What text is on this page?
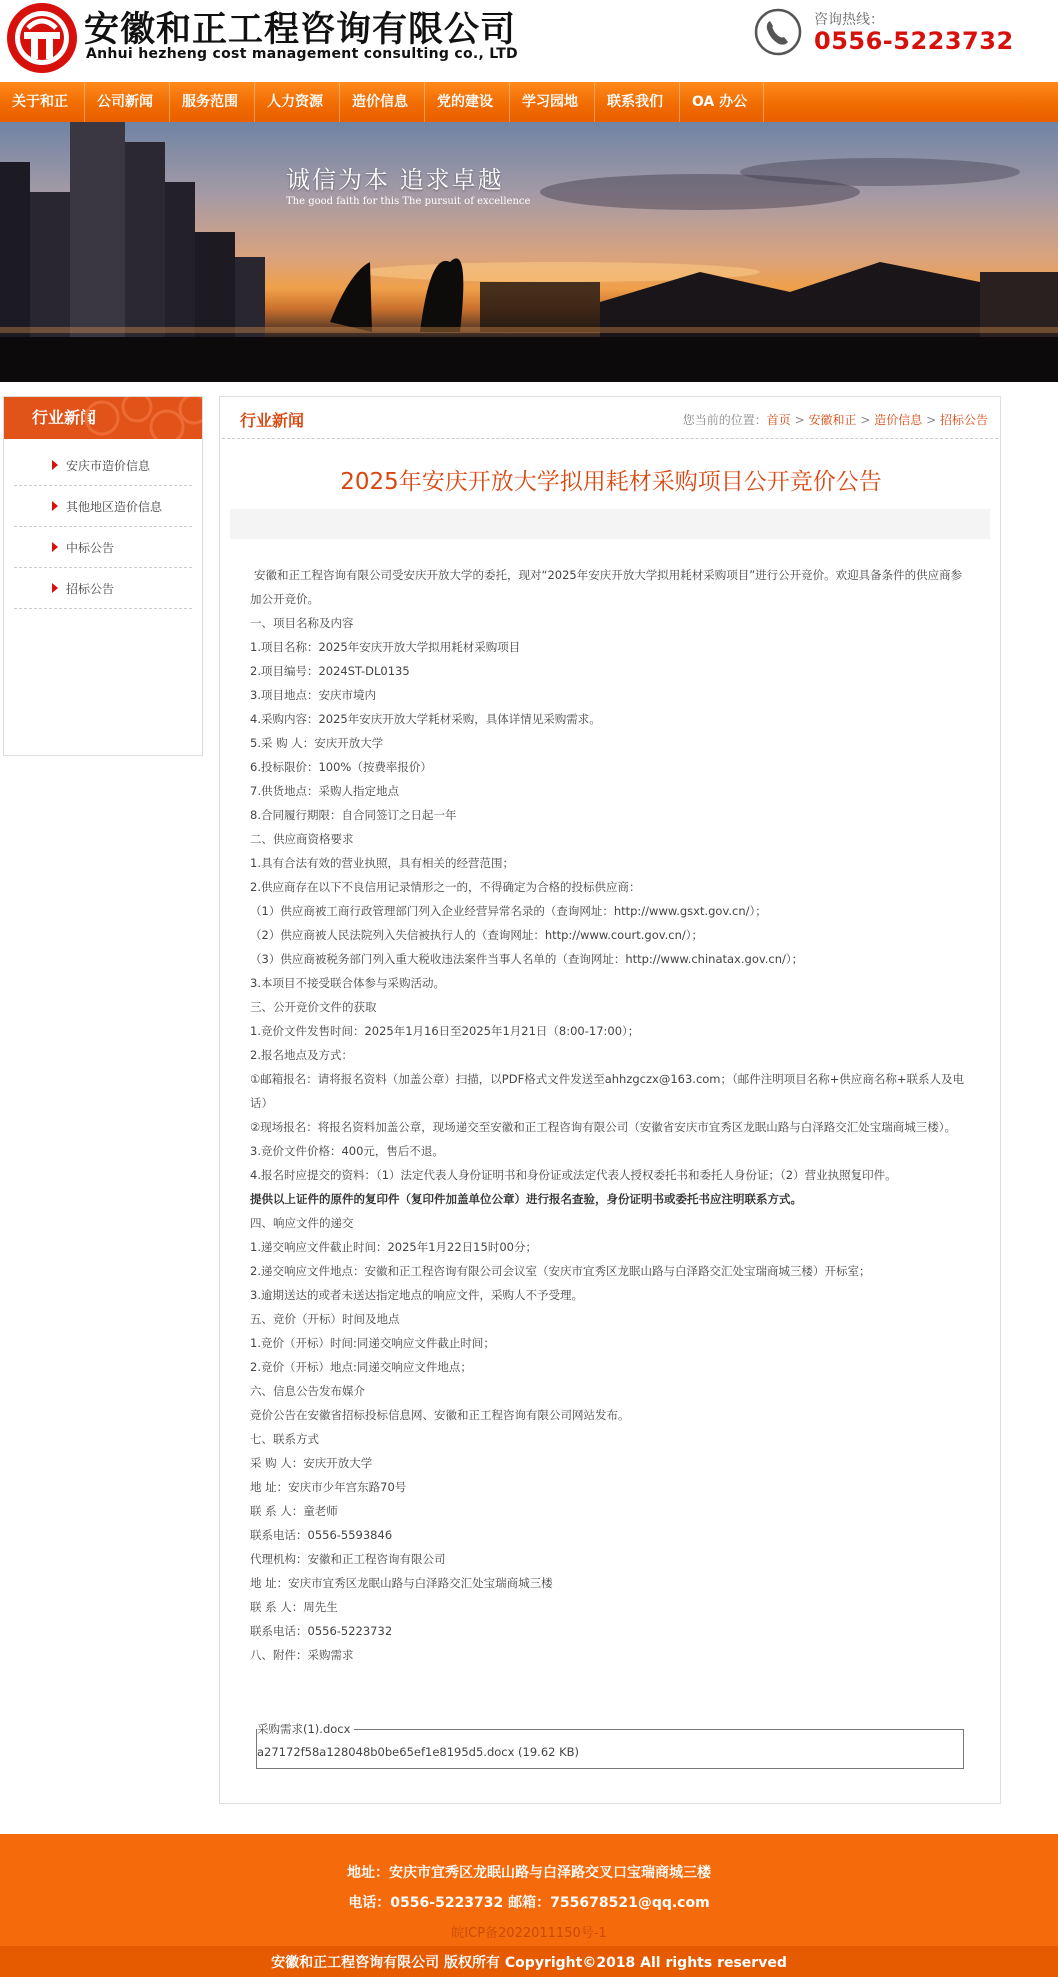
安徽和正工程咨询有限公司
Anhui hezheng cost management consulting co., LTD
咨询热线：
0556-5223732
关于和正	公司新闻	服务范围	人力资源	造价信息	党的建设	学习园地	联系我们	OA 办公
诚信为本 追求卓越
The good faith for this The pursuit of excellence
行业新闻
安庆市造价信息
其他地区造价信息
中标公告
招标公告
行业新闻	您当前的位置：首页 > 安徽和正 > 造价信息 > 招标公告
2025年安庆开放大学拟用耗材采购项目公开竞价公告

安徽和正工程咨询有限公司受安庆开放大学的委托，现对“2025年安庆开放大学拟用耗材采购项目”进行公开竞价。欢迎具备条件的供应商参加公开竞价。

一、项目名称及内容

1.项目名称：2025年安庆开放大学拟用耗材采购项目

2.项目编号：2024ST-DL0135

3.项目地点：安庆市境内

4.采购内容：2025年安庆开放大学耗材采购，具体详情见采购需求。

5.采 购 人：安庆开放大学

6.投标限价：100%（按费率报价）

7.供货地点：采购人指定地点

8.合同履行期限：自合同签订之日起一年

二、供应商资格要求

1.具有合法有效的营业执照，具有相关的经营范围；

2.供应商存在以下不良信用记录情形之一的，不得确定为合格的投标供应商：

（1）供应商被工商行政管理部门列入企业经营异常名录的（查询网址：http://www.gsxt.gov.cn/）；

（2）供应商被人民法院列入失信被执行人的（查询网址：http://www.court.gov.cn/）；

（3）供应商被税务部门列入重大税收违法案件当事人名单的（查询网址：http://www.chinatax.gov.cn/）；

3.本项目不接受联合体参与采购活动。

三、公开竞价文件的获取

1.竞价文件发售时间：2025年1月16日至2025年1月21日（8:00-17:00）；

2.报名地点及方式：

①邮箱报名：请将报名资料（加盖公章）扫描，以PDF格式文件发送至ahhzgczx@163.com；（邮件注明项目名称+供应商名称+联系人及电话）

②现场报名：将报名资料加盖公章，现场递交至安徽和正工程咨询有限公司（安徽省安庆市宜秀区龙眠山路与白泽路交汇处宝瑞商城三楼）。

3.竞价文件价格：400元，售后不退。

4.报名时应提交的资料：（1）法定代表人身份证明书和身份证或法定代表人授权委托书和委托人身份证；（2）营业执照复印件。

提供以上证件的原件的复印件（复印件加盖单位公章）进行报名查验，身份证明书或委托书应注明联系方式。

四、响应文件的递交

1.递交响应文件截止时间：2025年1月22日15时00分；

2.递交响应文件地点：安徽和正工程咨询有限公司会议室（安庆市宜秀区龙眠山路与白泽路交汇处宝瑞商城三楼）开标室；

3.逾期送达的或者未送达指定地点的响应文件，采购人不予受理。

五、竞价（开标）时间及地点

1.竞价（开标）时间:同递交响应文件截止时间；

2.竞价（开标）地点:同递交响应文件地点；

六、信息公告发布媒介

竞价公告在安徽省招标投标信息网、安徽和正工程咨询有限公司网站发布。

七、联系方式

采 购 人：安庆开放大学

地 址：安庆市少年宫东路70号

联 系 人：童老师

联系电话：0556-5593846

代理机构：安徽和正工程咨询有限公司

地 址：安庆市宜秀区龙眠山路与白泽路交汇处宝瑞商城三楼

联 系 人：周先生

联系电话：0556-5223732

八、附件：采购需求

采购需求(1).docx
a27172f58a128048b0be65ef1e8195d5.docx (19.62 KB)
地址：安庆市宜秀区龙眠山路与白泽路交叉口宝瑞商城三楼
电话：0556-5223732 邮箱：755678521@qq.com
皖ICP备2022011150号-1
安徽和正工程咨询有限公司 版权所有 Copyright©2018 All rights reserved
